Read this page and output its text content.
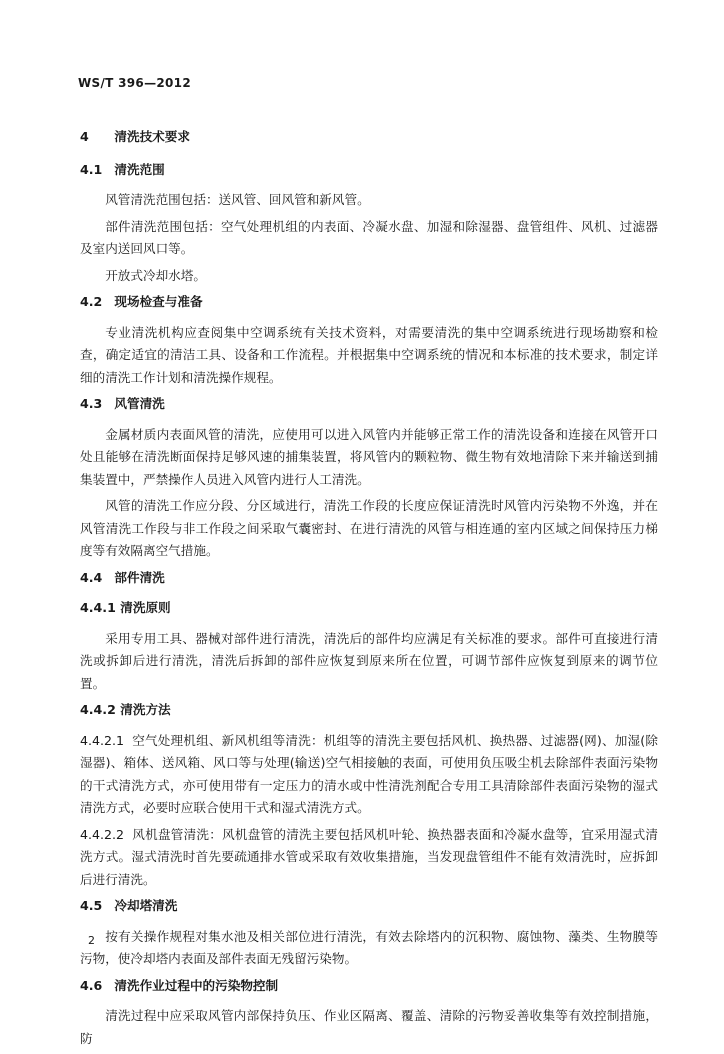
WS/T 396—2012

4 清洗技术要求

4.1 清洗范围

风管清洗范围包括：送风管、回风管和新风管。

部件清洗范围包括：空气处理机组的内表面、冷凝水盘、加湿和除湿器、盘管组件、风机、过滤器及室内送回风口等。

开放式冷却水塔。

4.2 现场检查与准备

专业清洗机构应查阅集中空调系统有关技术资料，对需要清洗的集中空调系统进行现场勘察和检查，确定适宜的清洁工具、设备和工作流程。并根据集中空调系统的情况和本标准的技术要求，制定详细的清洗工作计划和清洗操作规程。

4.3 风管清洗

金属材质内表面风管的清洗，应使用可以进入风管内并能够正常工作的清洗设备和连接在风管开口处且能够在清洗断面保持足够风速的捕集装置，将风管内的颗粒物、微生物有效地清除下来并输送到捕集装置中，严禁操作人员进入风管内进行人工清洗。

风管的清洗工作应分段、分区域进行，清洗工作段的长度应保证清洗时风管内污染物不外逸，并在风管清洗工作段与非工作段之间采取气囊密封、在进行清洗的风管与相连通的室内区域之间保持压力梯度等有效隔离空气措施。

4.4 部件清洗

4.4.1 清洗原则

采用专用工具、器械对部件进行清洗，清洗后的部件均应满足有关标准的要求。部件可直接进行清洗或拆卸后进行清洗，清洗后拆卸的部件应恢复到原来所在位置，可调节部件应恢复到原来的调节位置。

4.4.2 清洗方法

4.4.2.1 空气处理机组、新风机组等清洗：机组等的清洗主要包括风机、换热器、过滤器(网)、加湿(除湿器)、箱体、送风箱、风口等与处理(输送)空气相接触的表面，可使用负压吸尘机去除部件表面污染物的干式清洗方式，亦可使用带有一定压力的清水或中性清洗剂配合专用工具清除部件表面污染物的湿式清洗方式，必要时应联合使用干式和湿式清洗方式。

4.4.2.2 风机盘管清洗：风机盘管的清洗主要包括风机叶轮、换热器表面和冷凝水盘等，宜采用湿式清洗方式。湿式清洗时首先要疏通排水管或采取有效收集措施，当发现盘管组件不能有效清洗时，应拆卸后进行清洗。

4.5 冷却塔清洗

按有关操作规程对集水池及相关部位进行清洗，有效去除塔内的沉积物、腐蚀物、藻类、生物膜等污物，使冷却塔内表面及部件表面无残留污染物。

4.6 清洗作业过程中的污染物控制

清洗过程中应采取风管内部保持负压、作业区隔离、覆盖、清除的污物妥善收集等有效控制措施，防

2
